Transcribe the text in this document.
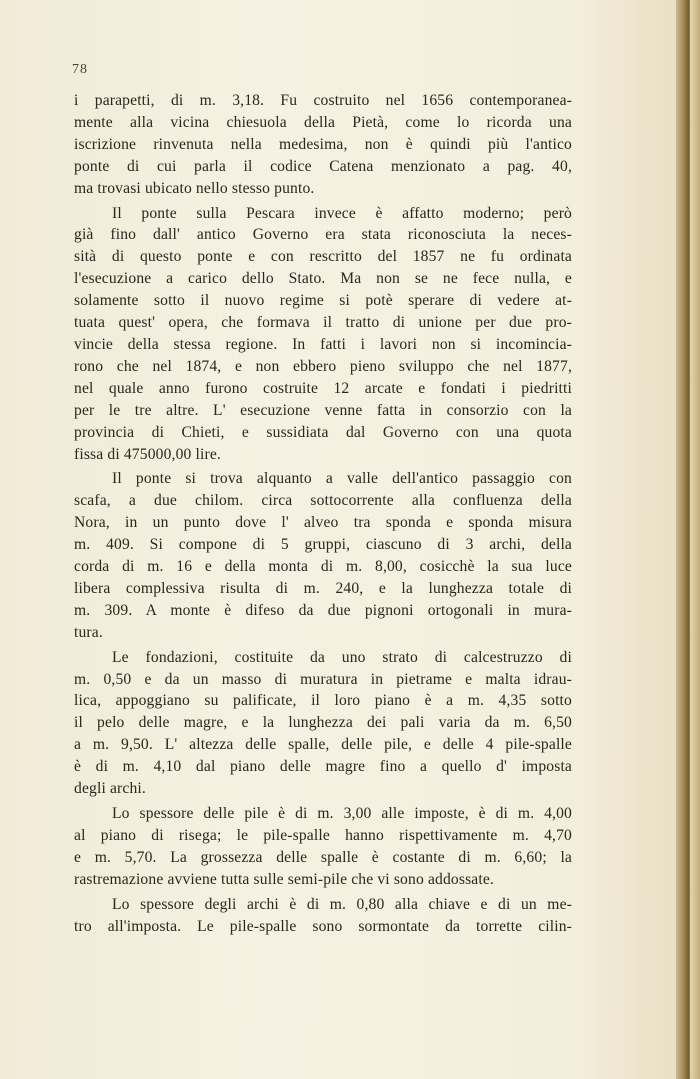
78
i parapetti, di m. 3,18. Fu costruito nel 1656 contemporanea-
mente alla vicina chiesuola della Pietà, come lo ricorda una
iscrizione rinvenuta nella medesima, non è quindi più l'antico
ponte di cui parla il codice Catena menzionato a pag. 40,
ma trovasi ubicato nello stesso punto.
Il ponte sulla Pescara invece è affatto moderno; però
già fino dall' antico Governo era stata riconosciuta la neces-
sità di questo ponte e con rescritto del 1857 ne fu ordinata
l'esecuzione a carico dello Stato. Ma non se ne fece nulla, e
solamente sotto il nuovo regime si potè sperare di vedere at-
tuata quest' opera, che formava il tratto di unione per due pro-
vincie della stessa regione. In fatti i lavori non si incominciа-
rono che nel 1874, e non ebbero pieno sviluppo che nel 1877,
nel quale anno furono costruite 12 arcate e fondati i piedritti
per le tre altre. L' esecuzione venne fatta in consorzio con la
provincia di Chieti, e sussidiata dal Governo con una quota
fissa di 475000,00 lire.
Il ponte si trova alquanto a valle dell'antico passaggio con
scafa, a due chilom. circa sottocorrente alla confluenza della
Nora, in un punto dove l' alveo tra sponda e sponda misura
m. 409. Si compone di 5 gruppi, ciascuno di 3 archi, della
corda di m. 16 e della monta di m. 8,00, cosicchè la sua luce
libera complessiva risulta di m. 240, e la lunghezza totale di
m. 309. A monte è difeso da due pignoni ortogonali in mura-
tura.
Le fondazioni, costituite da uno strato di calcestruzzo di
m. 0,50 e da un masso di muratura in pietrame e malta idrau-
lica, appoggiano su palificate, il loro piano è a m. 4,35 sotto
il pelo delle magre, e la lunghezza dei pali varia da m. 6,50
a m. 9,50. L' altezza delle spalle, delle pile, e delle 4 pile-spalle
è di m. 4,10 dal piano delle magre fino a quello d' imposta
degli archi.
Lo spessore delle pile è di m. 3,00 alle imposte, è di m. 4,00
al piano di risega; le pile-spalle hanno rispettivamente m. 4,70
e m. 5,70. La grossezza delle spalle è costante di m. 6,60; la
rastremazione avviene tutta sulle semi-pile che vi sono addossate.
Lo spessore degli archi è di m. 0,80 alla chiave e di un me-
tro all'imposta. Le pile-spalle sono sormontate da torrette cilin-
